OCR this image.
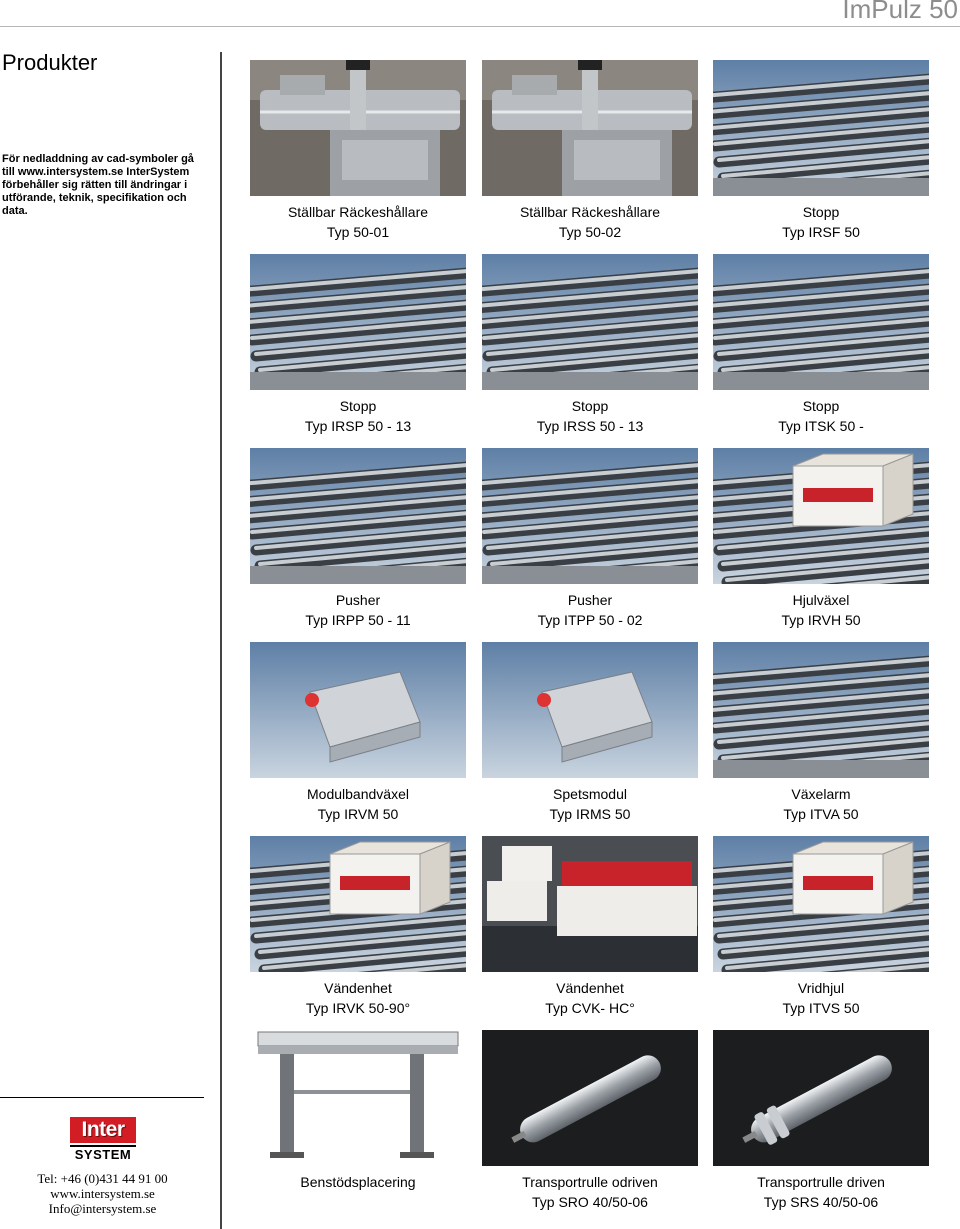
ImPulz 50
Produkter
För nedladdning av cad-symboler gå till www.intersystem.se InterSystem förbehåller sig rätten till ändringar i utförande, teknik, specifikation och data.
Inter
SYSTEM
Tel: +46 (0)431 44 91 00
www.intersystem.se
Info@intersystem.se
Ställbar Räckeshållare
Typ 50-01
Ställbar Räckeshållare
Typ 50-02
Stopp
Typ IRSF 50
Stopp
Typ IRSP 50 - 13
Stopp
Typ IRSS 50 - 13
Stopp
Typ ITSK 50 -
Pusher
Typ IRPP 50 - 11
Pusher
Typ ITPP 50 - 02
Hjulväxel
Typ IRVH 50
Modulbandväxel
Typ IRVM 50
Spetsmodul
Typ IRMS 50
Växelarm
Typ ITVA 50
Vändenhet
Typ IRVK 50-90°
Vändenhet
Typ CVK- HC°
Vridhjul
Typ ITVS 50
Benstödsplacering	Transportrulle odriven
Typ SRO 40/50-06
Transportrulle driven
Typ SRS 40/50-06
